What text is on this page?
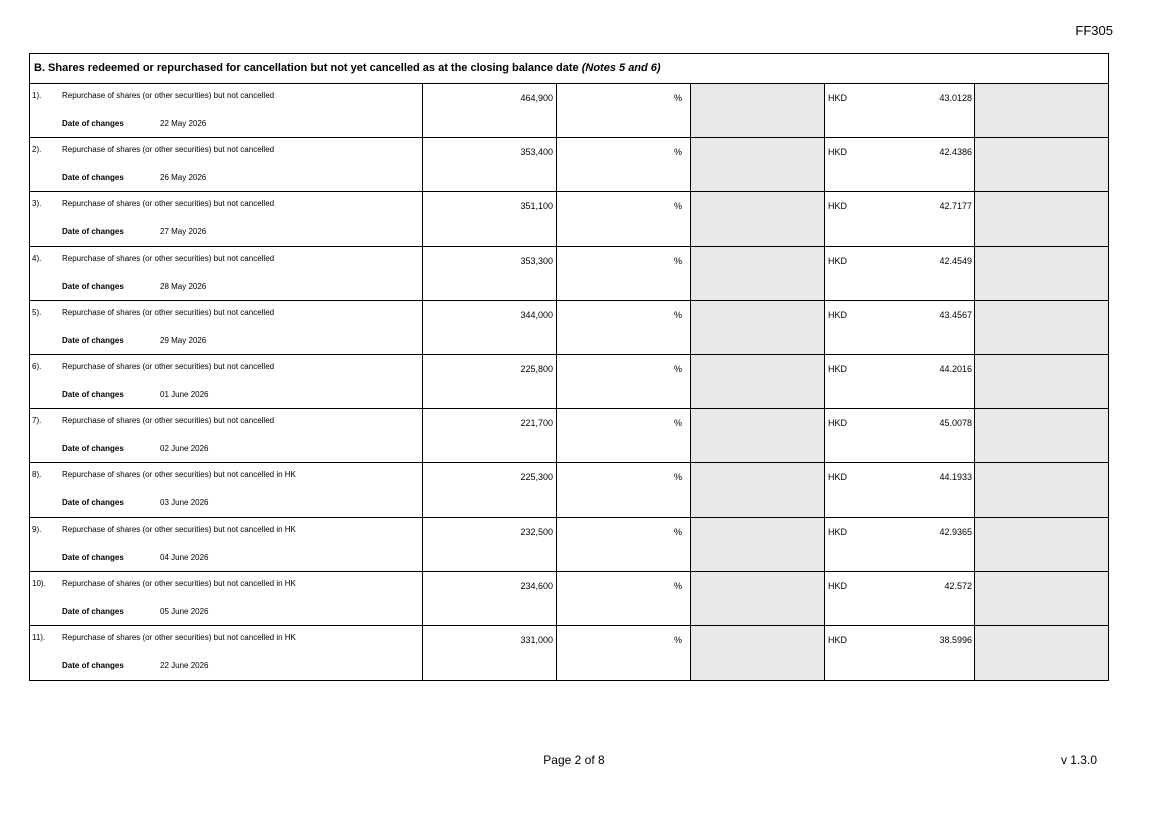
FF305
B. Shares redeemed or repurchased for cancellation but not yet cancelled as at the closing balance date (Notes 5 and 6)
1).	Repurchase of shares (or other securities) but not cancelled
Date of changes	22 May 2026
464,900	%	HKD	43.0128
2).	Repurchase of shares (or other securities) but not cancelled
Date of changes	26 May 2026
353,400	%	HKD	42.4386
3).	Repurchase of shares (or other securities) but not cancelled
Date of changes	27 May 2026
351,100	%	HKD	42.7177
4).	Repurchase of shares (or other securities) but not cancelled
Date of changes	28 May 2026
353,300	%	HKD	42.4549
5).	Repurchase of shares (or other securities) but not cancelled
Date of changes	29 May 2026
344,000	%	HKD	43.4567
6).	Repurchase of shares (or other securities) but not cancelled
Date of changes	01 June 2026
225,800	%	HKD	44.2016
7).	Repurchase of shares (or other securities) but not cancelled
Date of changes	02 June 2026
221,700	%	HKD	45.0078
8).	Repurchase of shares (or other securities) but not cancelled in HK
Date of changes	03 June 2026
225,300	%	HKD	44.1933
9).	Repurchase of shares (or other securities) but not cancelled in HK
Date of changes	04 June 2026
232,500	%	HKD	42.9365
10). Repurchase of shares (or other securities) but not cancelled in HK
Date of changes	05 June 2026
234,600	%	HKD	42.572
11). Repurchase of shares (or other securities) but not cancelled in HK
Date of changes	22 June 2026
331,000	%	HKD	38.5996
Page 2 of 8	v 1.3.0
